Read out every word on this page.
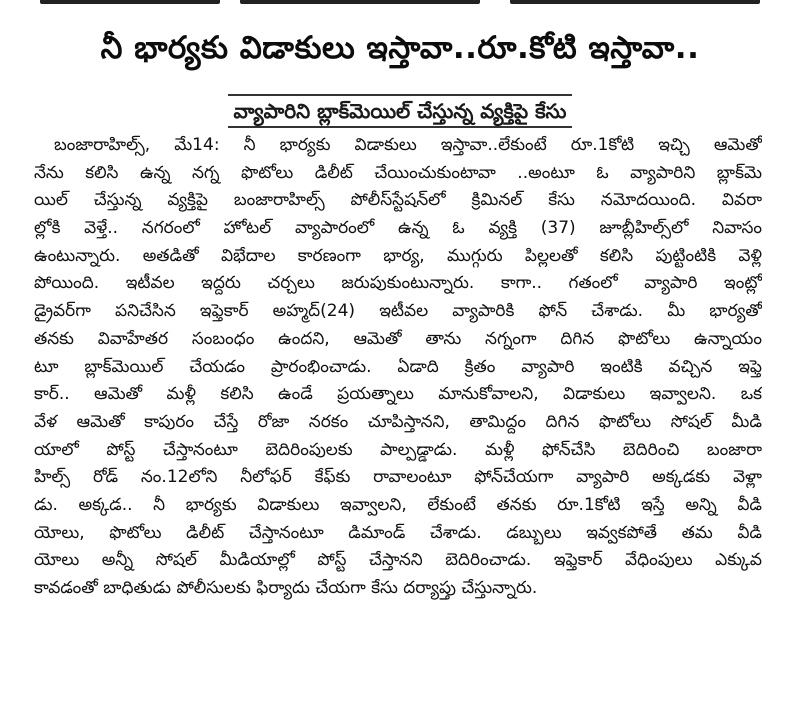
నీ భార్యకు విడాకులు ఇస్తావా..రూ.కోటి ఇస్తావా..
వ్యాపారిని బ్లాక్‌మెయిల్ చేస్తున్న వ్యక్తిపై కేసు
బంజారాహిల్స్, మే14: నీ భార్యకు విడాకులు ఇస్తావా..లేకుంటే రూ.1కోటి ఇచ్చి ఆమెతో
నేను కలిసి ఉన్న నగ్న ఫొటోలు డిలీట్ చేయించుకుంటావా ..అంటూ ఓ వ్యాపారిని బ్లాక్‌మె
యిల్ చేస్తున్న వ్యక్తిపై బంజారాహిల్స్ పోలీస్‌స్టేషన్‌లో క్రిమినల్ కేసు నమోదయింది. వివరా
ల్లోకి వెళ్తే.. నగరంలో హోటల్ వ్యాపారంలో ఉన్న ఓ వ్యక్తి (37) జూబ్లీహిల్స్‌లో నివాసం
ఉంటున్నారు. అతడితో విభేదాల కారణంగా భార్య, ముగ్గురు పిల్లలతో కలిసి పుట్టింటికి వెళ్లి
పోయింది. ఇటీవల ఇద్దరు చర్చలు జరుపుకుంటున్నారు. కాగా.. గతంలో వ్యాపారి ఇంట్లో
డ్రైవర్‌గా పనిచేసిన ఇఫ్తెకార్ అహ్మద్(24) ఇటీవల వ్యాపారికి ఫోన్ చేశాడు. మీ భార్యతో
తనకు వివాహేతర సంబంధం ఉందని, ఆమెతో తాను నగ్నంగా దిగిన ఫొటోలు ఉన్నాయం
టూ బ్లాక్‌మెయిల్ చేయడం ప్రారంభించాడు. ఏడాది క్రితం వ్యాపారి ఇంటికి వచ్చిన ఇఫ్తె
కార్.. ఆమెతో మళ్లీ కలిసి ఉండే ప్రయత్నాలు మానుకోవాలని, విడాకులు ఇవ్వాలని. ఒక
వేళ ఆమెతో కాపురం చేస్తే రోజా నరకం చూపిస్తానని, తామిద్దం దిగిన ఫొటోలు సోషల్ మీడి
యాలో పోస్ట్ చేస్తానంటూ బెదిరింపులకు పాల్పడ్డాడు. మళ్లీ ఫోన్‌చేసి బెదిరించి బంజారా
హిల్స్ రోడ్ నం.12లోని నీలోఫర్ కేఫ్‌కు రావాలంటూ ఫోన్‌చేయగా వ్యాపారి అక్కడకు వెళ్లా
డు. అక్కడ.. నీ భార్యకు విడాకులు ఇవ్వాలని, లేకుంటే తనకు రూ.1కోటి ఇస్తే అన్ని వీడి
యోలు, ఫొటోలు డిలీట్ చేస్తానంటూ డిమాండ్ చేశాడు. డబ్బులు ఇవ్వకపోతే తమ వీడి
యోలు అన్నీ సోషల్ మీడియాల్లో పోస్ట్ చేస్తానని బెదిరించాడు. ఇఫ్తెకార్ వేధింపులు ఎక్కువ
కావడంతో బాధితుడు పోలీసులకు ఫిర్యాదు చేయగా కేసు దర్యాప్తు చేస్తున్నారు.
